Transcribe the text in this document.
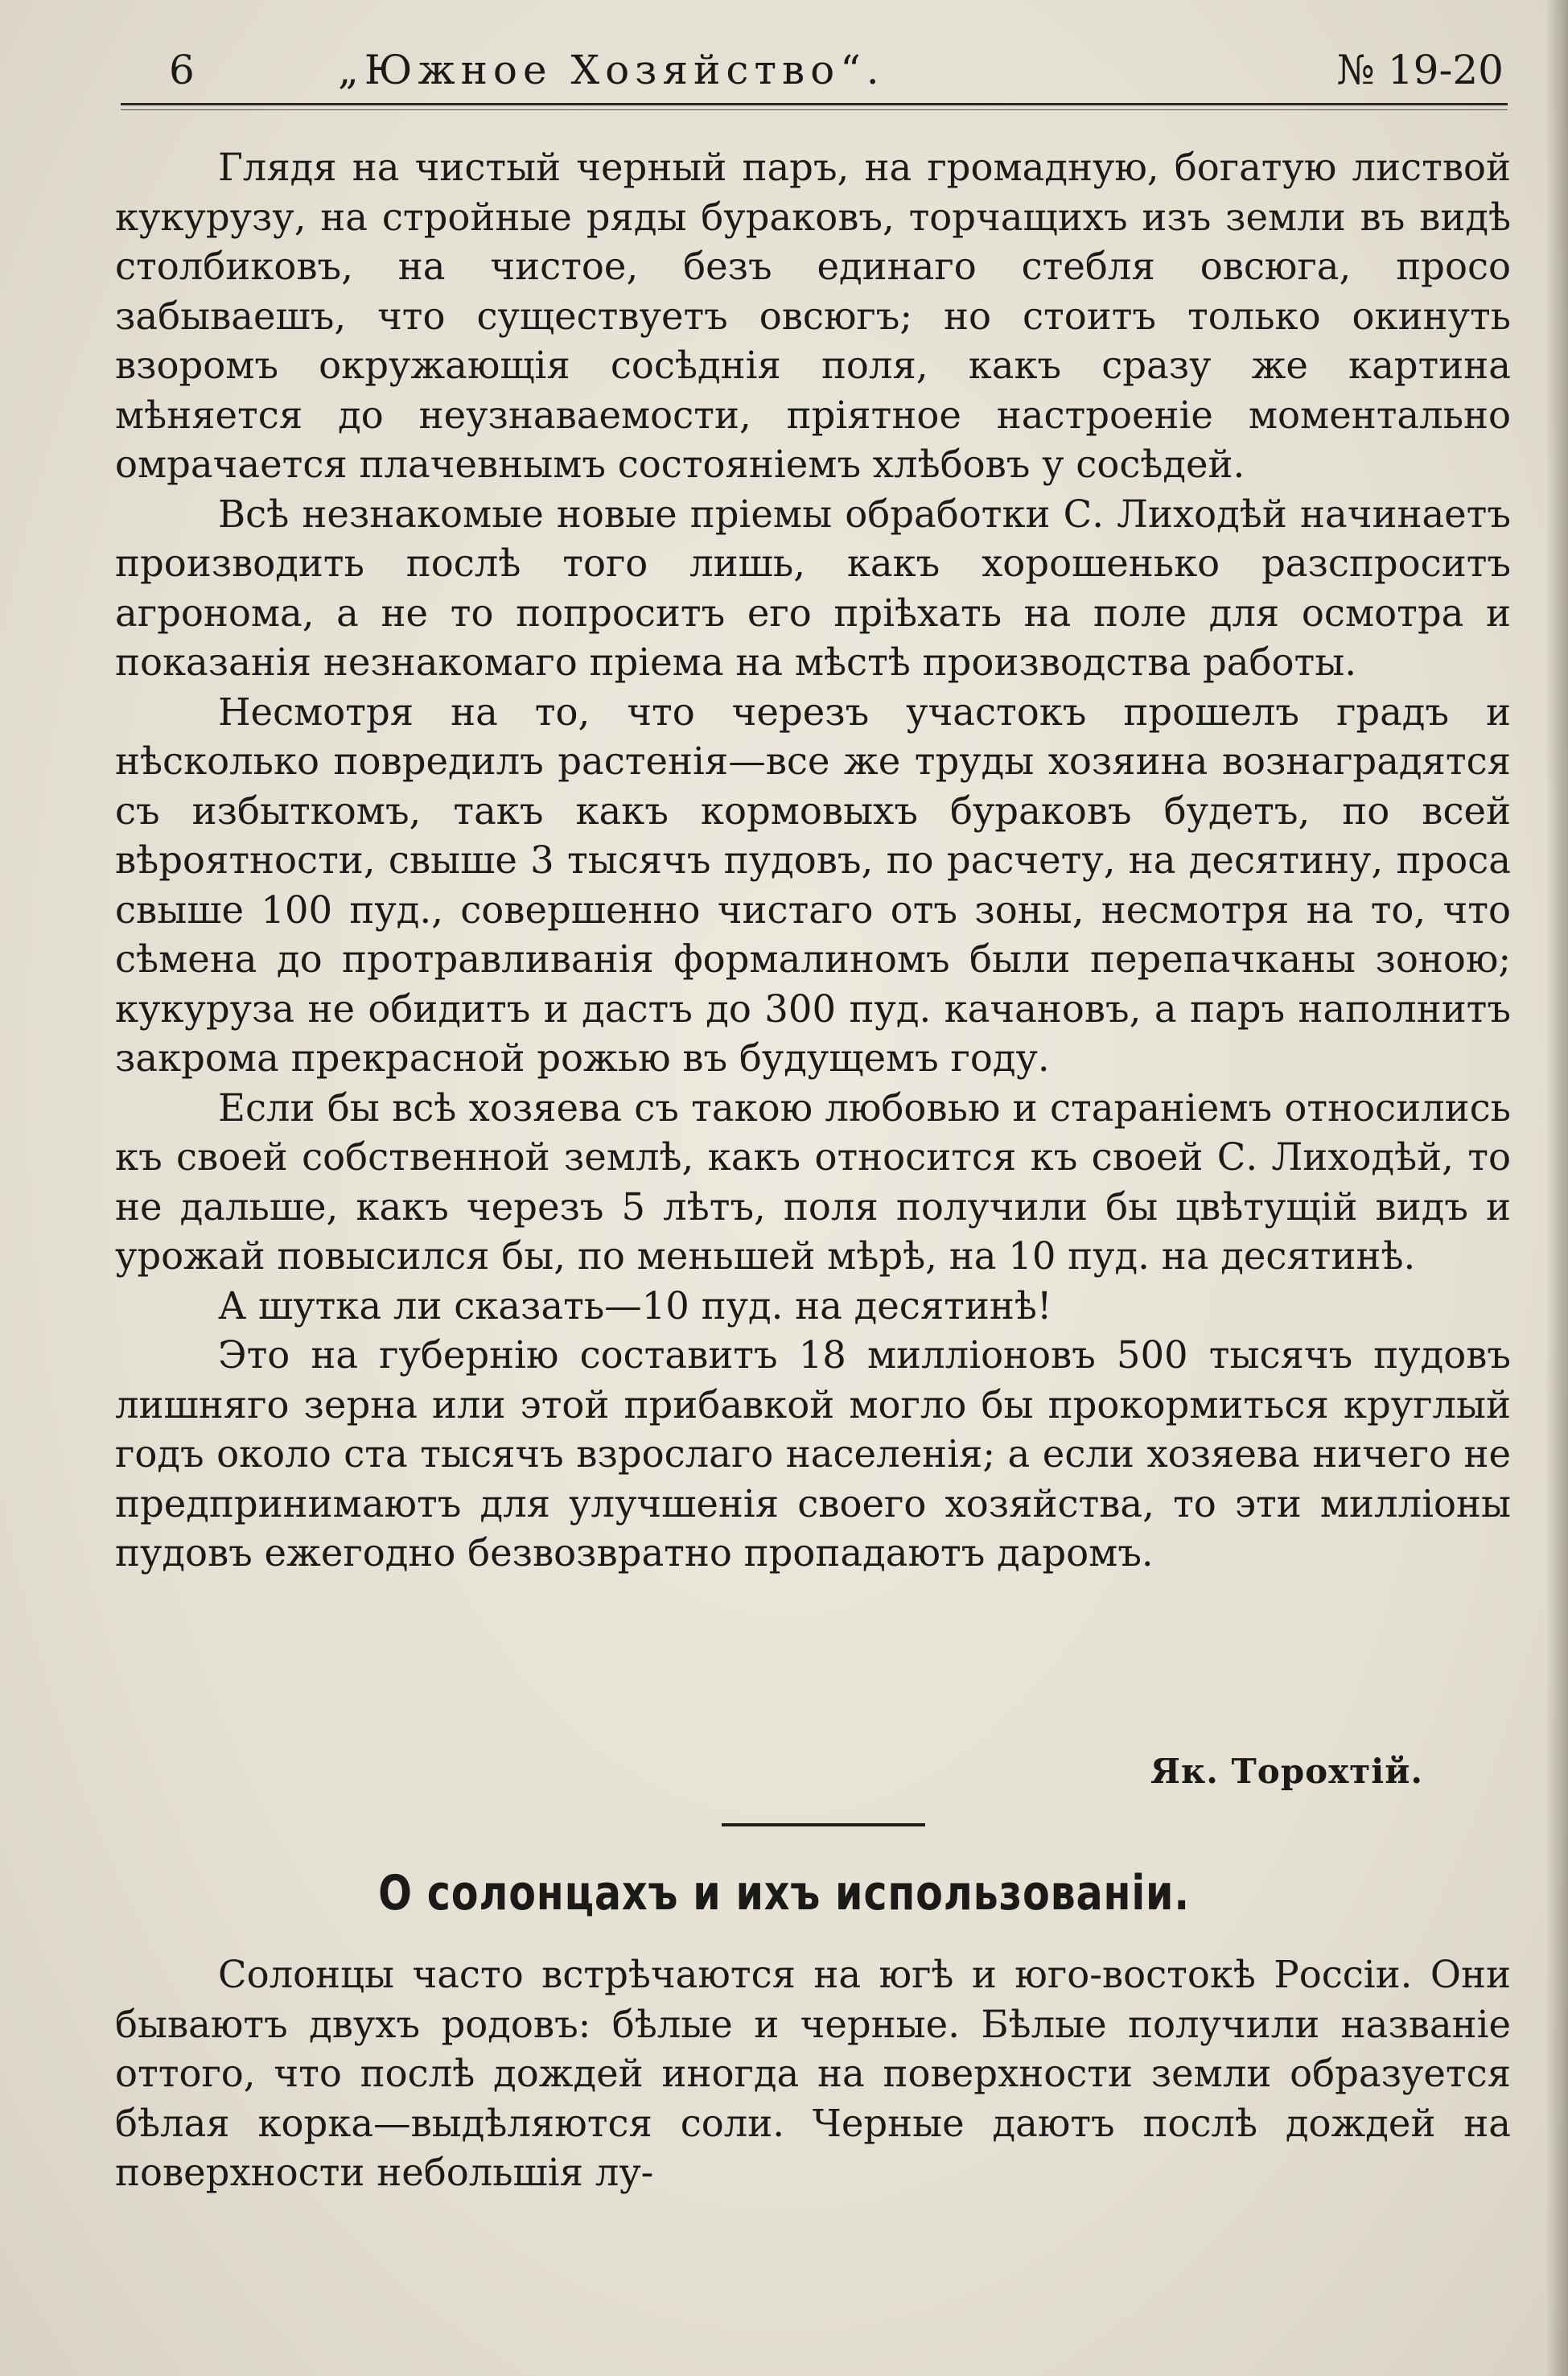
6	„Южное Хозяйство“.	№ 19-20

Глядя на чистый черный паръ, на громадную, богатую листвой кукурузу, на стройные ряды бураковъ, торчащихъ изъ земли въ видѣ столбиковъ, на чистое, безъ единаго стебля овсюга, просо забываешъ, что существуетъ овсюгъ; но стоитъ только окинуть взоромъ окружающія сосѣднія поля, какъ сразу же картина мѣняется до неузнаваемости, пріятное настроеніе моментально омрачается плачевнымъ состояніемъ хлѣбовъ у сосѣдей.

Всѣ незнакомые новые пріемы обработки С. Лиходѣй начинаетъ производить послѣ того лишь, какъ хорошенько разспроситъ агронома, а не то попроситъ его пріѣхать на поле для осмотра и показанія незнакомаго пріема на мѣстѣ производства работы.

Несмотря на то, что черезъ участокъ прошелъ градъ и нѣсколько повредилъ растенія—все же труды хозяина вознаградятся съ избыткомъ, такъ какъ кормовыхъ бураковъ будетъ, по всей вѣроятности, свыше 3 тысячъ пудовъ, по расчету, на десятину, проса свыше 100 пуд., совершенно чистаго отъ зоны, несмотря на то, что сѣмена до протравливанія формалиномъ были перепачканы зоною; кукуруза не обидитъ и дастъ до 300 пуд. качановъ, а паръ наполнитъ закрома прекрасной рожью въ будущемъ году.

Если бы всѣ хозяева съ такою любовью и стараніемъ относились къ своей собственной землѣ, какъ относится къ своей С. Лиходѣй, то не дальше, какъ черезъ 5 лѣтъ, поля получили бы цвѣтущій видъ и урожай повысился бы, по меньшей мѣрѣ, на 10 пуд. на десятинѣ.

А шутка ли сказать—10 пуд. на десятинѣ!

Это на губернію составитъ 18 милліоновъ 500 тысячъ пудовъ лишняго зерна или этой прибавкой могло бы прокормиться круглый годъ около ста тысячъ взрослаго населенія; а если хозяева ничего не предпринимаютъ для улучшенія своего хозяйства, то эти милліоны пудовъ ежегодно безвозвратно пропадаютъ даромъ.

Як. Торохтій.
О солонцахъ и ихъ использованіи.

Солонцы часто встрѣчаются на югѣ и юго-востокѣ Россіи. Они бываютъ двухъ родовъ: бѣлые и черные. Бѣлые получили названіе оттого, что послѣ дождей иногда на поверхности земли образуется бѣлая корка—выдѣляются соли. Черные даютъ послѣ дождей на поверхности небольшія лу-
